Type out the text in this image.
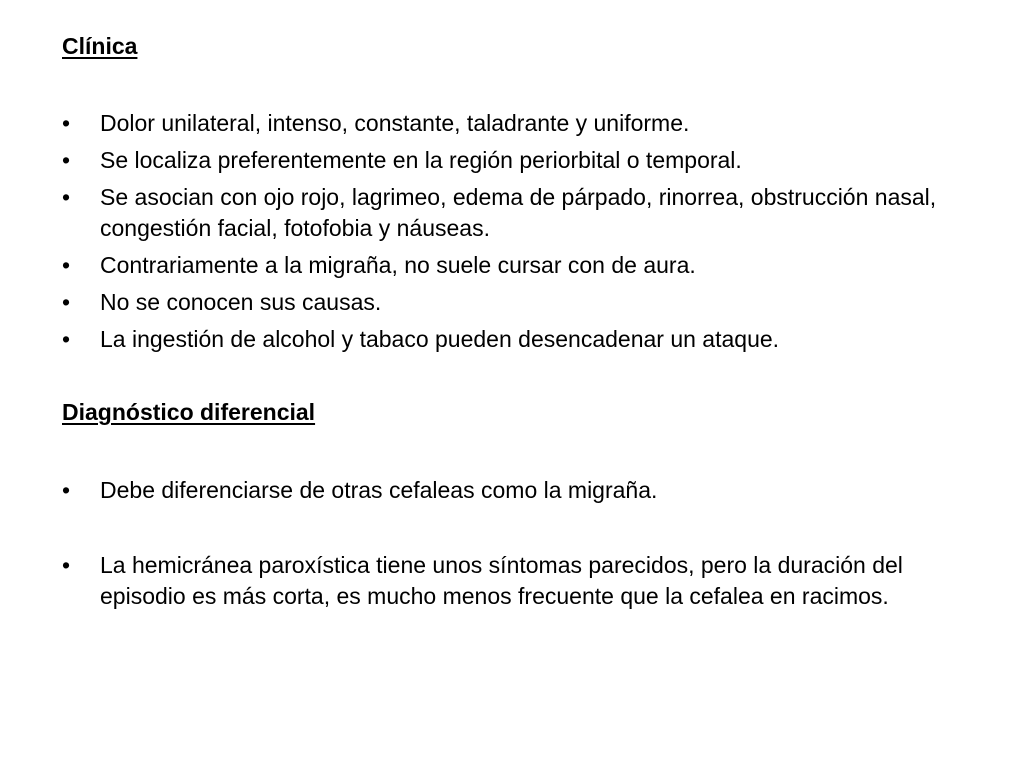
Clínica
• Dolor unilateral, intenso, constante, taladrante y uniforme.
• Se localiza preferentemente en la región periorbital o temporal.
• Se asocian con ojo rojo, lagrimeo, edema de párpado, rinorrea, obstrucción nasal, congestión facial, fotofobia y náuseas.
• Contrariamente a la migraña, no suele cursar con de aura.
• No se conocen sus causas.
• La ingestión de alcohol y tabaco pueden desencadenar un ataque.
Diagnóstico diferencial
• Debe diferenciarse de otras cefaleas como la migraña.
• La hemicránea paroxística tiene unos síntomas parecidos, pero la duración del episodio es más corta, es mucho menos frecuente que la cefalea en racimos.
